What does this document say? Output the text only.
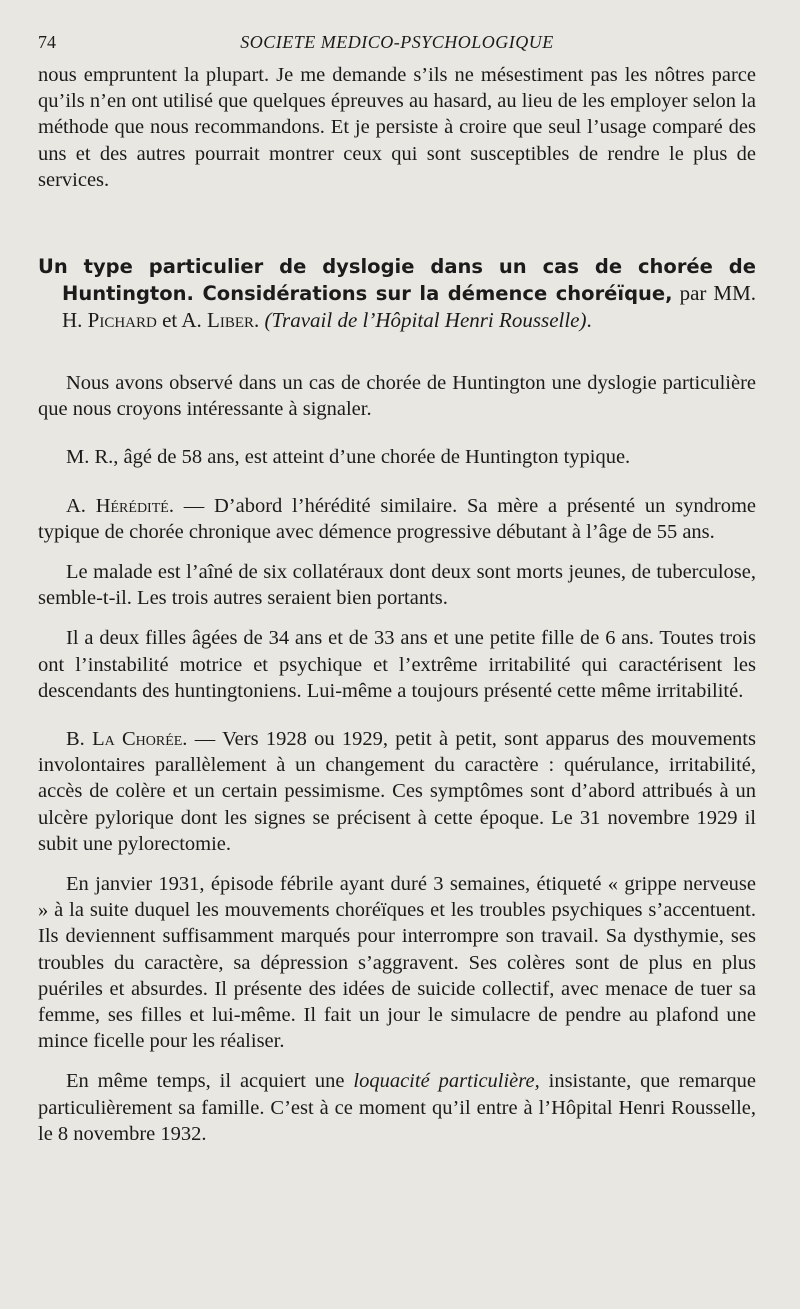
74	SOCIETE MEDICO-PSYCHOLOGIQUE

nous empruntent la plupart. Je me demande s’ils ne mésestiment pas les nôtres parce qu’ils n’en ont utilisé que quelques épreuves au hasard, au lieu de les employer selon la méthode que nous recommandons. Et je persiste à croire que seul l’usage comparé des uns et des autres pourrait montrer ceux qui sont susceptibles de rendre le plus de services.

Un type particulier de dyslogie dans un cas de chorée de Huntington. Considérations sur la démence choréïque, par MM. H. Pichard et A. Liber. (Travail de l’Hôpital Henri Rousselle).

Nous avons observé dans un cas de chorée de Huntington une dyslogie particulière que nous croyons intéressante à signaler.

M. R., âgé de 58 ans, est atteint d’une chorée de Huntington typique.

A. Hérédité. — D’abord l’hérédité similaire. Sa mère a présenté un syndrome typique de chorée chronique avec démence progressive débutant à l’âge de 55 ans.

Le malade est l’aîné de six collatéraux dont deux sont morts jeunes, de tuberculose, semble-t-il. Les trois autres seraient bien portants.

Il a deux filles âgées de 34 ans et de 33 ans et une petite fille de 6 ans. Toutes trois ont l’instabilité motrice et psychique et l’extrême irritabilité qui caractérisent les descendants des huntingtoniens. Lui-même a toujours présenté cette même irritabilité.

B. La Chorée. — Vers 1928 ou 1929, petit à petit, sont apparus des mouvements involontaires parallèlement à un changement du caractère : quérulance, irritabilité, accès de colère et un certain pessimisme. Ces symptômes sont d’abord attribués à un ulcère pylorique dont les signes se précisent à cette époque. Le 31 novembre 1929 il subit une pylorectomie.

En janvier 1931, épisode fébrile ayant duré 3 semaines, étiqueté « grippe nerveuse » à la suite duquel les mouvements choréïques et les troubles psychiques s’accentuent. Ils deviennent suffisamment marqués pour interrompre son travail. Sa dysthymie, ses troubles du caractère, sa dépression s’aggravent. Ses colères sont de plus en plus puériles et absurdes. Il présente des idées de suicide collectif, avec menace de tuer sa femme, ses filles et lui-même. Il fait un jour le simulacre de pendre au plafond une mince ficelle pour les réaliser.

En même temps, il acquiert une loquacité particulière, insistante, que remarque particulièrement sa famille. C’est à ce moment qu’il entre à l’Hôpital Henri Rousselle, le 8 novembre 1932.
